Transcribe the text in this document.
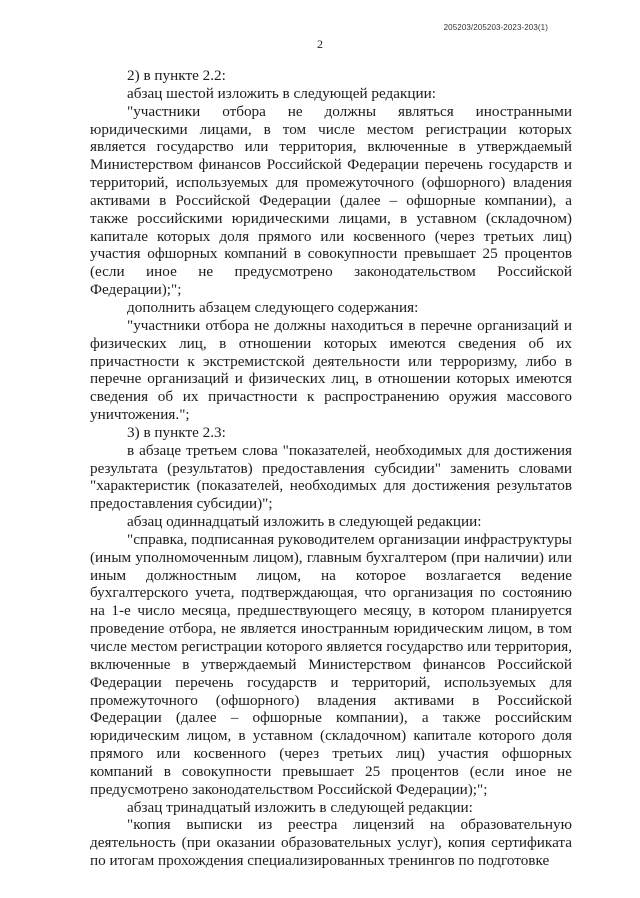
205203/205203-2023-203(1)
2

2) в пункте 2.2:

абзац шестой изложить в следующей редакции:

"участники отбора не должны являться иностранными юридическими лицами, в том числе местом регистрации которых является государство или территория, включенные в утверждаемый Министерством финансов Российской Федерации перечень государств и территорий, используемых для промежуточного (офшорного) владения активами в Российской Федерации (далее – офшорные компании), а также российскими юридическими лицами, в уставном (складочном) капитале которых доля прямого или косвенного (через третьих лиц) участия офшорных компаний в совокупности превышает 25 процентов (если иное не предусмотрено законодательством Российской Федерации);";

дополнить абзацем следующего содержания:

"участники отбора не должны находиться в перечне организаций и физических лиц, в отношении которых имеются сведения об их причастности к экстремистской деятельности или терроризму, либо в перечне организаций и физических лиц, в отношении которых имеются сведения об их причастности к распространению оружия массового уничтожения.";

3) в пункте 2.3:

в абзаце третьем слова "показателей, необходимых для достижения результата (результатов) предоставления субсидии" заменить словами "характеристик (показателей, необходимых для достижения результатов предоставления субсидии)";

абзац одиннадцатый изложить в следующей редакции:

"справка, подписанная руководителем организации инфраструктуры (иным уполномоченным лицом), главным бухгалтером (при наличии) или иным должностным лицом, на которое возлагается ведение бухгалтерского учета, подтверждающая, что организация по состоянию на 1-е число месяца, предшествующего месяцу, в котором планируется проведение отбора, не является иностранным юридическим лицом, в том числе местом регистрации которого является государство или территория, включенные в утверждаемый Министерством финансов Российской Федерации перечень государств и территорий, используемых для промежуточного (офшорного) владения активами в Российской Федерации (далее – офшорные компании), а также российским юридическим лицом, в уставном (складочном) капитале которого доля прямого или косвенного (через третьих лиц) участия офшорных компаний в совокупности превышает 25 процентов (если иное не предусмотрено законодательством Российской Федерации);";

абзац тринадцатый изложить в следующей редакции:

"копия выписки из реестра лицензий на образовательную деятельность (при оказании образовательных услуг), копия сертификата по итогам прохождения специализированных тренингов по подготовке
